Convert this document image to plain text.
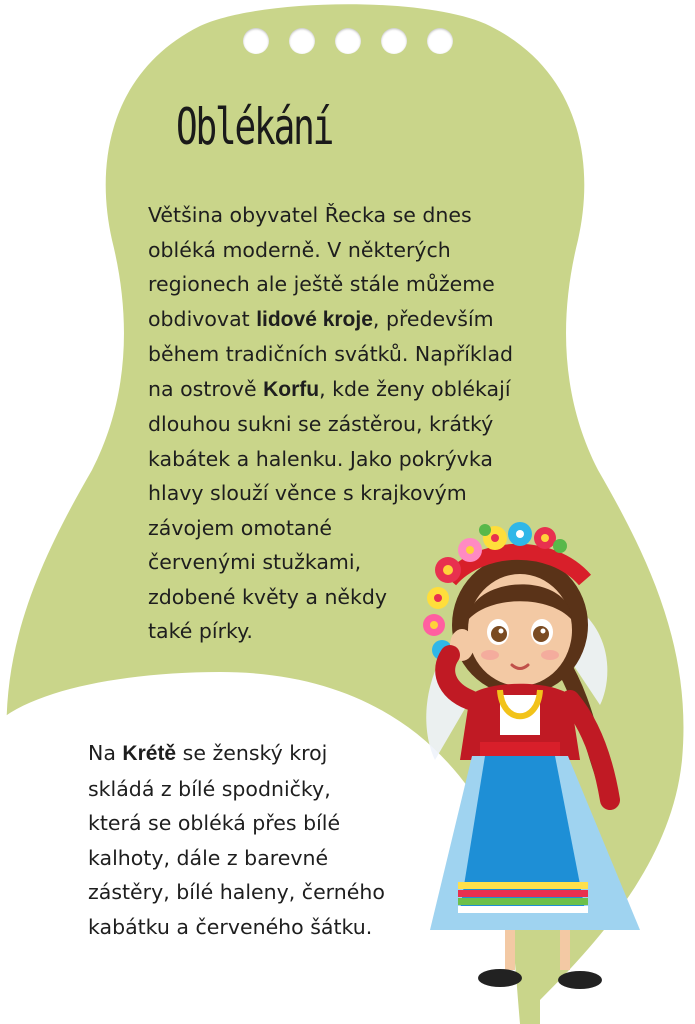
Oblékání
Většina obyvatel Řecka se dnes
obléká moderně. V některých
regionech ale ještě stále můžeme
obdivovat lidové kroje, především
během tradičních svátků. Například
na ostrově Korfu, kde ženy oblékají
dlouhou sukni se zástěrou, krátký
kabátek a halenku. Jako pokrývka
hlavy slouží věnce s krajkovým
závojem omotané
červenými stužkami,
zdobené květy a někdy
také pírky.
Na Krétě se ženský kroj
skládá z bílé spodničky,
která se obléká přes bílé
kalhoty, dále z barevné
zástěry, bílé haleny, černého
kabátku a červeného šátku.
